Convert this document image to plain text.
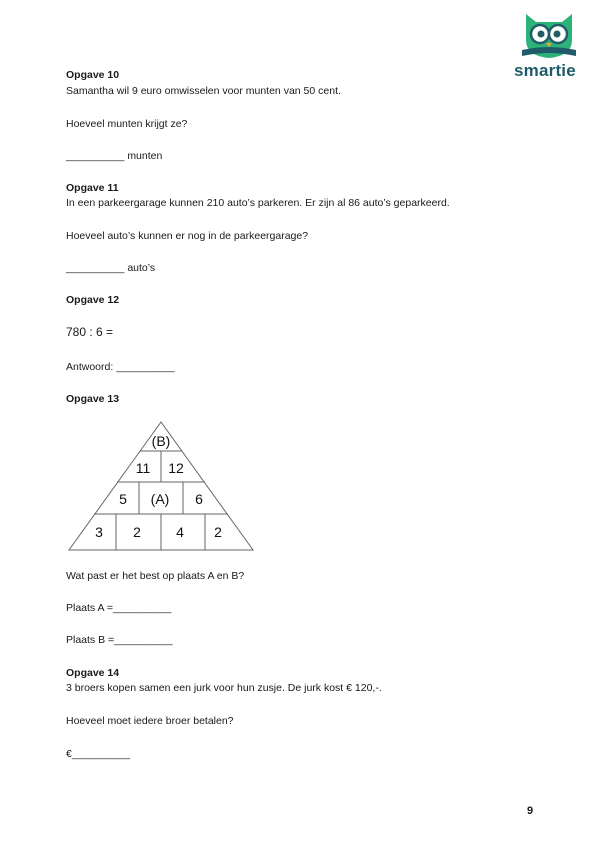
smartie
Opgave 10
Samantha wil 9 euro omwisselen voor munten van 50 cent.
Hoeveel munten krijgt ze?
__________ munten
Opgave 11
In een parkeergarage kunnen 210 auto’s parkeren. Er zijn al 86 auto’s geparkeerd.
Hoeveel auto’s kunnen er nog in de parkeergarage?
__________ auto’s
Opgave 12
780 : 6 =
Antwoord: __________
Opgave 13
(B)
11 12
5 (A) 6
3 2	4 2
Wat past er het best op plaats A en B?
Plaats A =__________
Plaats B =__________
Opgave 14
3 broers kopen samen een jurk voor hun zusje. De jurk kost € 120,-.
Hoeveel moet iedere broer betalen?
€__________
9
